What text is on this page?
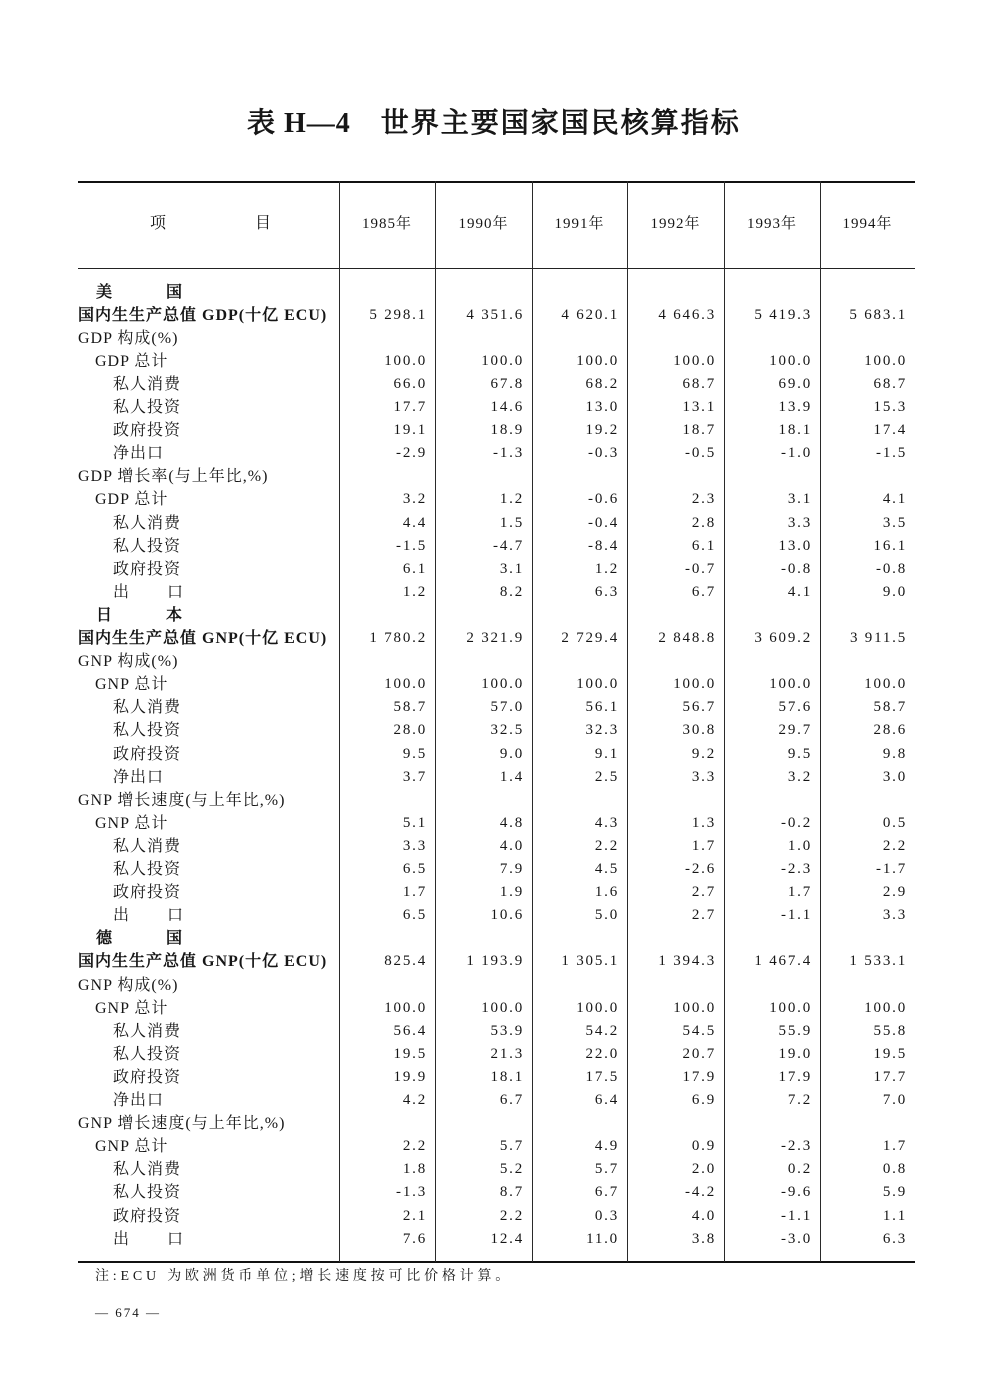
表 H—4 世界主要国家国民核算指标
项	目	1985年	1990年	1991年	1992年	1993年	1994年
美	国
国内生生产总值 GDP(十亿 ECU)	5 298.1	4 351.6	4 620.1	4 646.3	5 419.3	5 683.1
GDP 构成(%)
GDP 总计	100.0	100.0	100.0	100.0	100.0	100.0
私人消费	66.0	67.8	68.2	68.7	69.0	68.7
私人投资	17.7	14.6	13.0	13.1	13.9	15.3
政府投资	19.1	18.9	19.2	18.7	18.1	17.4
净出口	-2.9	-1.3	-0.3	-0.5	-1.0	-1.5
GDP 增长率(与上年比,%)
GDP 总计	3.2	1.2	-0.6	2.3	3.1	4.1
私人消费	4.4	1.5	-0.4	2.8	3.3	3.5
私人投资	-1.5	-4.7	-8.4	6.1	13.0	16.1
政府投资	6.1	3.1	1.2	-0.7	-0.8	-0.8
出 口	1.2	8.2	6.3	6.7	4.1	9.0
日	本
国内生生产总值 GNP(十亿 ECU)	1 780.2	2 321.9	2 729.4	2 848.8	3 609.2	3 911.5
GNP 构成(%)
GNP 总计	100.0	100.0	100.0	100.0	100.0	100.0
私人消费	58.7	57.0	56.1	56.7	57.6	58.7
私人投资	28.0	32.5	32.3	30.8	29.7	28.6
政府投资	9.5	9.0	9.1	9.2	9.5	9.8
净出口	3.7	1.4	2.5	3.3	3.2	3.0
GNP 增长速度(与上年比,%)
GNP 总计	5.1	4.8	4.3	1.3	-0.2	0.5
私人消费	3.3	4.0	2.2	1.7	1.0	2.2
私人投资	6.5	7.9	4.5	-2.6	-2.3	-1.7
政府投资	1.7	1.9	1.6	2.7	1.7	2.9
出 口	6.5	10.6	5.0	2.7	-1.1	3.3
德	国
国内生生产总值 GNP(十亿 ECU)	825.4	1 193.9	1 305.1	1 394.3	1 467.4	1 533.1
GNP 构成(%)
GNP 总计	100.0	100.0	100.0	100.0	100.0	100.0
私人消费	56.4	53.9	54.2	54.5	55.9	55.8
私人投资	19.5	21.3	22.0	20.7	19.0	19.5
政府投资	19.9	18.1	17.5	17.9	17.9	17.7
净出口	4.2	6.7	6.4	6.9	7.2	7.0
GNP 增长速度(与上年比,%)
GNP 总计	2.2	5.7	4.9	0.9	-2.3	1.7
私人消费	1.8	5.2	5.7	2.0	0.2	0.8
私人投资	-1.3	8.7	6.7	-4.2	-9.6	5.9
政府投资	2.1	2.2	0.3	4.0	-1.1	1.1
出 口	7.6	12.4	11.0	3.8	-3.0	6.3
注:ECU 为欧洲货币单位;增长速度按可比价格计算。
— 674 —
